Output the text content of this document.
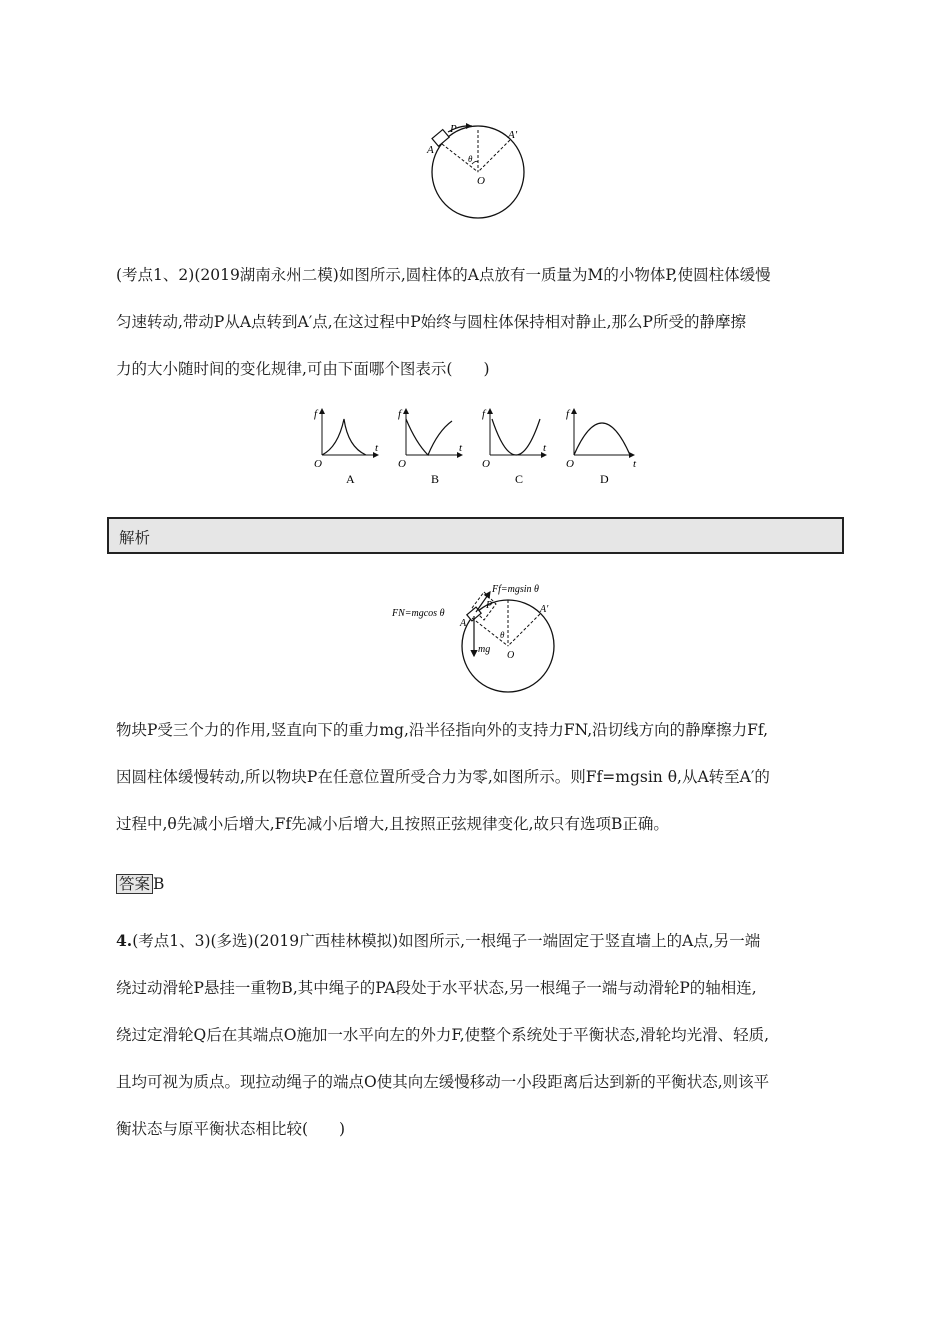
A
P	A′
θ
O

(考点1、2)(2019湖南永州二模)如图所示,圆柱体的A点放有一质量为M的小物体P,使圆柱体缓慢

匀速转动,带动P从A点转到A′点,在这过程中P始终与圆柱体保持相对静止,那么P所受的静摩擦

力的大小随时间的变化规律,可由下面哪个图表示(　　)

f
t
O
A
f
t
O
B
f
t
O
C
f
t
O
D
解析
FN=mgcos θ
Ff=mgsin θ
mg
A
A′
O
θ
P

物块P受三个力的作用,竖直向下的重力mg,沿半径指向外的支持力FN,沿切线方向的静摩擦力Ff,

因圆柱体缓慢转动,所以物块P在任意位置所受合力为零,如图所示。则Ff=mgsin θ,从A转至A′的

过程中,θ先减小后增大,Ff先减小后增大,且按照正弦规律变化,故只有选项B正确。

答案 B

4.(考点1、3)(多选)(2019广西桂林模拟)如图所示,一根绳子一端固定于竖直墙上的A点,另一端

绕过动滑轮P悬挂一重物B,其中绳子的PA段处于水平状态,另一根绳子一端与动滑轮P的轴相连,

绕过定滑轮Q后在其端点O施加一水平向左的外力F,使整个系统处于平衡状态,滑轮均光滑、轻质,

且均可视为质点。现拉动绳子的端点O使其向左缓慢移动一小段距离后达到新的平衡状态,则该平

衡状态与原平衡状态相比较(　　)
